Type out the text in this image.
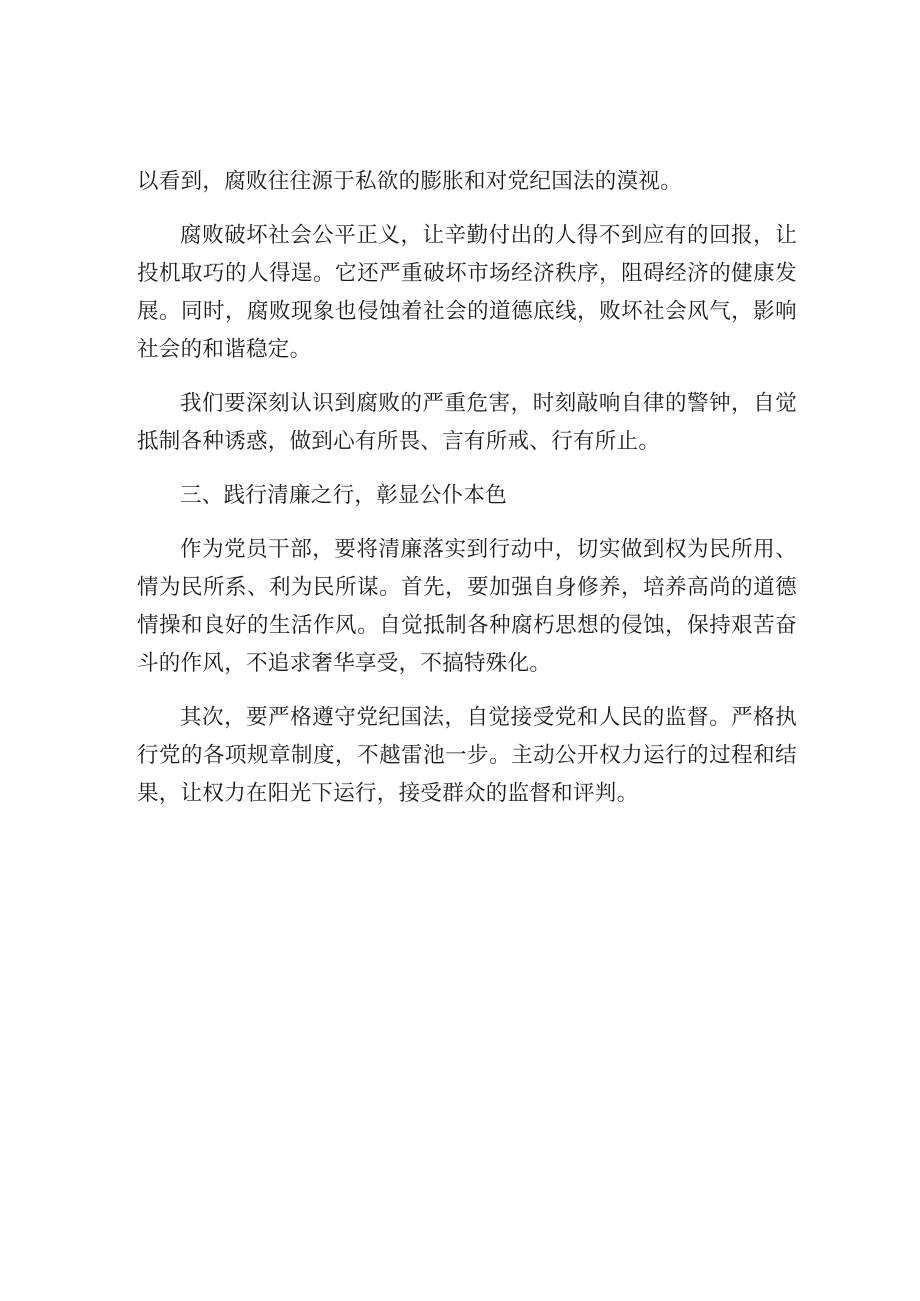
以看到，腐败往往源于私欲的膨胀和对党纪国法的漠视。

腐败破坏社会公平正义，让辛勤付出的人得不到应有的回报，让投机取巧的人得逞。它还严重破坏市场经济秩序，阻碍经济的健康发展。同时，腐败现象也侵蚀着社会的道德底线，败坏社会风气，影响社会的和谐稳定。

我们要深刻认识到腐败的严重危害，时刻敲响自律的警钟，自觉抵制各种诱惑，做到心有所畏、言有所戒、行有所止。

三、践行清廉之行，彰显公仆本色

作为党员干部，要将清廉落实到行动中，切实做到权为民所用、情为民所系、利为民所谋。首先，要加强自身修养，培养高尚的道德情操和良好的生活作风。自觉抵制各种腐朽思想的侵蚀，保持艰苦奋斗的作风，不追求奢华享受，不搞特殊化。

其次，要严格遵守党纪国法，自觉接受党和人民的监督。严格执行党的各项规章制度，不越雷池一步。主动公开权力运行的过程和结果，让权力在阳光下运行，接受群众的监督和评判。
